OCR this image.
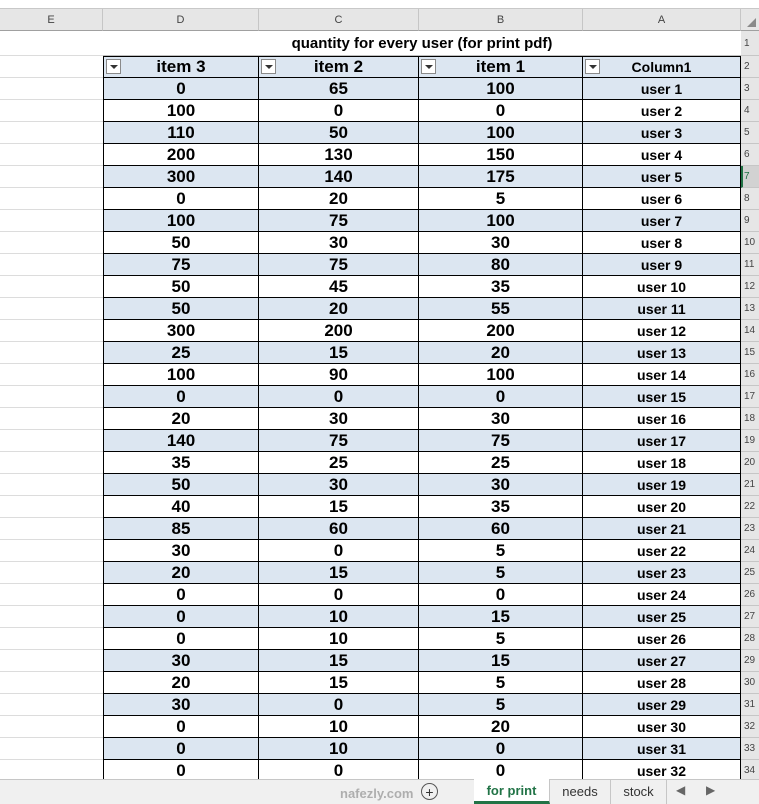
E	D	C	B	A
quantity for every user (for print pdf)
item 3	item 2	item 1	Column1
1
2
0	65	100	user 1	3
100	0	0	user 2	4
110	50	100	user 3	5
200	130	150	user 4	6
300	140	175	user 5	7
0	20	5	user 6	8
100	75	100	user 7	9
50	30	30	user 8	10
75	75	80	user 9	11
50	45	35	user 10	12
50	20	55	user 11	13
300	200	200	user 12	14
25	15	20	user 13	15
100	90	100	user 14	16
0	0	0	user 15	17
20	30	30	user 16	18
140	75	75	user 17	19
35	25	25	user 18	20
50	30	30	user 19	21
40	15	35	user 20	22
85	60	60	user 21	23
30	0	5	user 22	24
20	15	5	user 23	25
0	0	0	user 24	26
0	10	15	user 25	27
0	10	5	user 26	28
30	15	15	user 27	29
20	15	5	user 28	30
30	0	5	user 29	31
0	10	20	user 30	32
0	10	0	user 31	33
0	0	0	user 32	34
nafezly.com +	for print	needs	stock	◀ ▶
